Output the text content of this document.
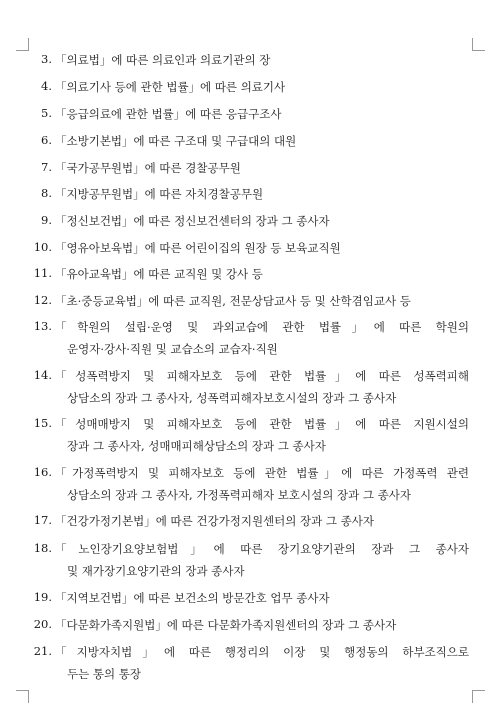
3. 「의료법」에 따른 의료인과 의료기관의 장
4. 「의료기사 등에 관한 법률」에 따른 의료기사
5. 「응급의료에 관한 법률」에 따른 응급구조사
6. 「소방기본법」에 따른 구조대 및 구급대의 대원
7. 「국가공무원법」에 따른 경찰공무원
8. 「지방공무원법」에 따른 자치경찰공무원
9. 「정신보건법」에 따른 정신보건센터의 장과 그 종사자
10. 「영유아보육법」에 따른 어린이집의 원장 등 보육교직원
11. 「유아교육법」에 따른 교직원 및 강사 등
12. 「초·중등교육법」에 따른 교직원, 전문상담교사 등 및 산학겸임교사 등
13. 「학원의 설립·운영 및 과외교습에 관한 법률」에 따른 학원의
운영자·강사·직원 및 교습소의 교습자·직원
14. 「성폭력방지 및 피해자보호 등에 관한 법률」에 따른 성폭력피해
상담소의 장과 그 종사자, 성폭력피해자보호시설의 장과 그 종사자
15. 「성매매방지 및 피해자보호 등에 관한 법률」에 따른 지원시설의
장과 그 종사자, 성매매피해상담소의 장과 그 종사자
16. 「가정폭력방지 및 피해자보호 등에 관한 법률」에 따른 가정폭력 관련
상담소의 장과 그 종사자, 가정폭력피해자 보호시설의 장과 그 종사자
17. 「건강가정기본법」에 따른 건강가정지원센터의 장과 그 종사자
18. 「노인장기요양보험법」에 따른 장기요양기관의 장과 그 종사자
및 재가장기요양기관의 장과 종사자
19. 「지역보건법」에 따른 보건소의 방문간호 업무 종사자
20. 「다문화가족지원법」에 따른 다문화가족지원센터의 장과 그 종사자
21. 「지방자치법」에 따른 행정리의 이장 및 행정동의 하부조직으로
두는 통의 통장
